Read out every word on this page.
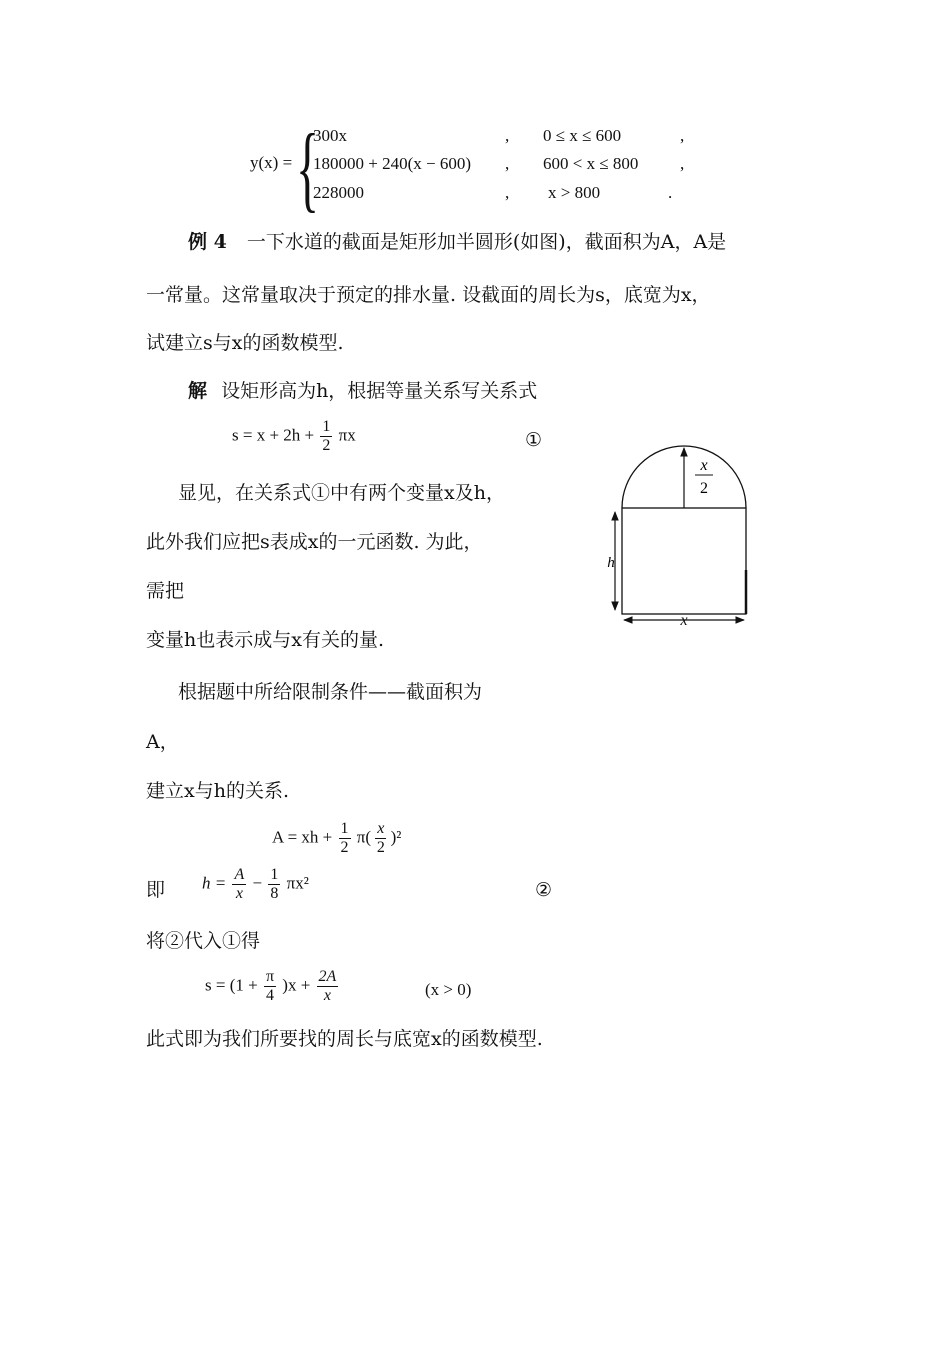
y(x) = {
300x	, 0 ≤ x ≤ 600	,
180000 + 240(x − 600) , 600 < x ≤ 800 ,
228000	, x > 800	.
例 4 一下水道的截面是矩形加半圆形(如图)，截面积为A，A是
一常量。这常量取决于预定的排水量. 设截面的周长为s，底宽为x，
试建立s与x的函数模型.
解 设矩形高为h，根据等量关系写关系式
$s = x + 2h + \frac{1}{2}$ πx	①
显见，在关系式①中有两个变量x及h，
此外我们应把s表成x的一元函数. 为此，
需把
变量h也表示成与x有关的量.
根据题中所给限制条件——截面积为
A，
建立x与h的关系.
A = xh + $\frac{1}{2} \pi( \frac{x}{2} )^2$
即 $h = \frac{A}{x} - \frac{1}{8} \pi x^2$	②
将②代入①得
$s = (1 + \frac{\pi}{4} )x + \frac{2A}{x}$	(x > 0)
此式即为我们所要找的周长与底宽x的函数模型.
x
2
h
x
